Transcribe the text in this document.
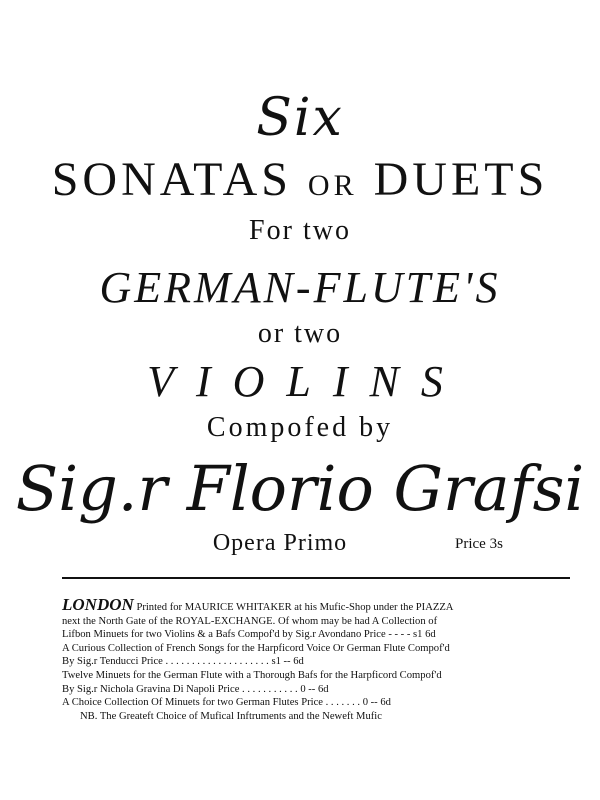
Six
SONATAS OR DUETS
For two
GERMAN-FLUTE'S
or two
VIOLINS
Compofed by
Sig.r Florio Grafsi
Opera Primo	Price 3s
LONDON Printed for MAURICE WHITAKER at his Mufic-Shop under the PIAZZA
next the North Gate of the ROYAL-EXCHANGE. Of whom may be had A Collection of
Lifbon Minuets for two Violins & a Bafs Compof'd by Sig.r Avondano Price - - - - s1 6d
A Curious Collection of French Songs for the Harpficord Voice Or German Flute Compof'd
By Sig.r Tenducci Price . . . . . . . . . . . . . . . . . . . . s1 -- 6d
Twelve Minuets for the German Flute with a Thorough Bafs for the Harpficord Compof'd
By Sig.r Nichola Gravina Di Napoli Price . . . . . . . . . . . 0 -- 6d
A Choice Collection Of Minuets for two German Flutes Price . . . . . . . 0 -- 6d
NB. The Greateft Choice of Mufical Inftruments and the Neweft Mufic
